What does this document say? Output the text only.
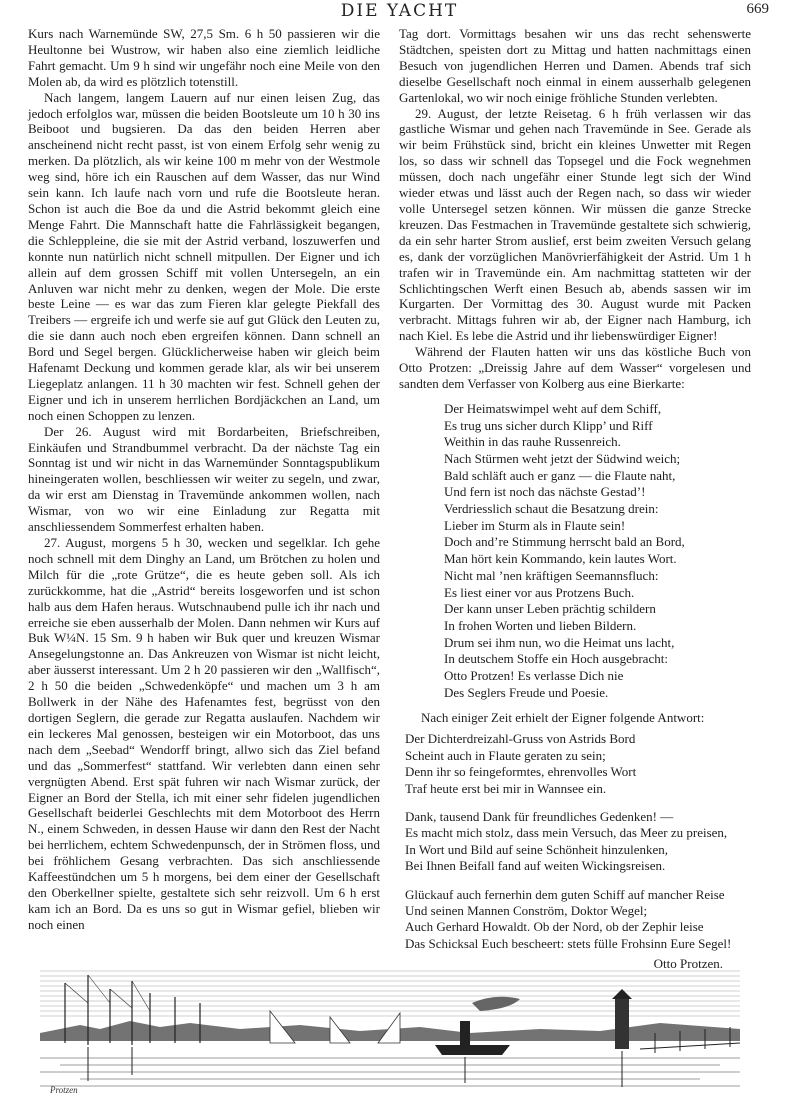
DIE YACHT	669

Kurs nach Warnemünde SW, 27,5 Sm. 6 h 50 passieren wir die Heultonne bei Wustrow, wir haben also eine ziemlich leidliche Fahrt gemacht. Um 9 h sind wir ungefähr noch eine Meile von den Molen ab, da wird es plötzlich totenstill.

Nach langem, langem Lauern auf nur einen leisen Zug, das jedoch erfolglos war, müssen die beiden Bootsleute um 10 h 30 ins Beiboot und bugsieren. Da das den beiden Herren aber anscheinend nicht recht passt, ist von einem Erfolg sehr wenig zu merken. Da plötzlich, als wir keine 100 m mehr von der Westmole weg sind, höre ich ein Rauschen auf dem Wasser, das nur Wind sein kann. Ich laufe nach vorn und rufe die Bootsleute heran. Schon ist auch die Boe da und die Astrid bekommt gleich eine Menge Fahrt. Die Mannschaft hatte die Fahrlässigkeit begangen, die Schleppleine, die sie mit der Astrid verband, loszuwerfen und konnte nun natürlich nicht schnell mitpullen. Der Eigner und ich allein auf dem grossen Schiff mit vollen Untersegeln, an ein Anluven war nicht mehr zu denken, wegen der Mole. Die erste beste Leine — es war das zum Fieren klar gelegte Piekfall des Treibers — ergreife ich und werfe sie auf gut Glück den Leuten zu, die sie dann auch noch eben ergreifen können. Dann schnell an Bord und Segel bergen. Glücklicherweise haben wir gleich beim Hafenamt Deckung und kommen gerade klar, als wir bei unserem Liegeplatz anlangen. 11 h 30 machten wir fest. Schnell gehen der Eigner und ich in unserem herrlichen Bordjäckchen an Land, um noch einen Schoppen zu lenzen.

Der 26. August wird mit Bordarbeiten, Briefschreiben, Einkäufen und Strandbummel verbracht. Da der nächste Tag ein Sonntag ist und wir nicht in das Warnemünder Sonntagspublikum hineingeraten wollen, beschliessen wir weiter zu segeln, und zwar, da wir erst am Dienstag in Travemünde ankommen wollen, nach Wismar, von wo wir eine Einladung zur Regatta mit anschliessendem Sommerfest erhalten haben.

27. August, morgens 5 h 30, wecken und segelklar. Ich gehe noch schnell mit dem Dinghy an Land, um Brötchen zu holen und Milch für die „rote Grütze“, die es heute geben soll. Als ich zurückkomme, hat die „Astrid“ bereits losgeworfen und ist schon halb aus dem Hafen heraus. Wutschnaubend pulle ich ihr nach und erreiche sie eben ausserhalb der Molen. Dann nehmen wir Kurs auf Buk W¼N. 15 Sm. 9 h haben wir Buk quer und kreuzen Wismar Ansegelungstonne an. Das Ankreuzen von Wismar ist nicht leicht, aber äusserst interessant. Um 2 h 20 passieren wir den „Wallfisch“, 2 h 50 die beiden „Schwedenköpfe“ und machen um 3 h am Bollwerk in der Nähe des Hafenamtes fest, begrüsst von den dortigen Seglern, die gerade zur Regatta auslaufen. Nachdem wir ein leckeres Mal genossen, besteigen wir ein Motorboot, das uns nach dem „Seebad“ Wendorff bringt, allwo sich das Ziel befand und das „Sommerfest“ stattfand. Wir verlebten dann einen sehr vergnügten Abend. Erst spät fuhren wir nach Wismar zurück, der Eigner an Bord der Stella, ich mit einer sehr fidelen jugendlichen Gesellschaft beiderlei Geschlechts mit dem Motorboot des Herrn N., einem Schweden, in dessen Hause wir dann den Rest der Nacht bei herrlichem, echtem Schwedenpunsch, der in Strömen floss, und bei fröhlichem Gesang verbrachten. Das sich anschliessende Kaffeestündchen um 5 h morgens, bei dem einer der Gesellschaft den Oberkellner spielte, gestaltete sich sehr reizvoll. Um 6 h erst kam ich an Bord. Da es uns so gut in Wismar gefiel, blieben wir noch einen

Tag dort. Vormittags besahen wir uns das recht sehenswerte Städtchen, speisten dort zu Mittag und hatten nachmittags einen Besuch von jugendlichen Herren und Damen. Abends traf sich dieselbe Gesellschaft noch einmal in einem ausserhalb gelegenen Gartenlokal, wo wir noch einige fröhliche Stunden verlebten.

29. August, der letzte Reisetag. 6 h früh verlassen wir das gastliche Wismar und gehen nach Travemünde in See. Gerade als wir beim Frühstück sind, bricht ein kleines Unwetter mit Regen los, so dass wir schnell das Topsegel und die Fock wegnehmen müssen, doch nach ungefähr einer Stunde legt sich der Wind wieder etwas und lässt auch der Regen nach, so dass wir wieder volle Untersegel setzen können. Wir müssen die ganze Strecke kreuzen. Das Festmachen in Travemünde gestaltete sich schwierig, da ein sehr harter Strom auslief, erst beim zweiten Versuch gelang es, dank der vorzüglichen Manövrierfähigkeit der Astrid. Um 1 h trafen wir in Travemünde ein. Am nachmittag statteten wir der Schlichtingschen Werft einen Besuch ab, abends sassen wir im Kurgarten. Der Vormittag des 30. August wurde mit Packen verbracht. Mittags fuhren wir ab, der Eigner nach Hamburg, ich nach Kiel. Es lebe die Astrid und ihr liebenswürdiger Eigner!

Während der Flauten hatten wir uns das köstliche Buch von Otto Protzen: „Dreissig Jahre auf dem Wasser“ vorgelesen und sandten dem Verfasser von Kolberg aus eine Bierkarte:

Der Heimatswimpel weht auf dem Schiff,
Es trug uns sicher durch Klipp’ und Riff
Weithin in das rauhe Russenreich.
Nach Stürmen weht jetzt der Südwind weich;
Bald schläft auch er ganz — die Flaute naht,
Und fern ist noch das nächste Gestad’!
Verdriesslich schaut die Besatzung drein:
Lieber im Sturm als in Flaute sein!
Doch and’re Stimmung herrscht bald an Bord,
Man hört kein Kommando, kein lautes Wort.
Nicht mal ’nen kräftigen Seemannsfluch:
Es liest einer vor aus Protzens Buch.
Der kann unser Leben prächtig schildern
In frohen Worten und lieben Bildern.
Drum sei ihm nun, wo die Heimat uns lacht,
In deutschem Stoffe ein Hoch ausgebracht:
Otto Protzen! Es verlasse Dich nie
Des Seglers Freude und Poesie.

Nach einiger Zeit erhielt der Eigner folgende Antwort:

Der Dichterdreizahl-Gruss von Astrids Bord
Scheint auch in Flaute geraten zu sein;
Denn ihr so feingeformtes, ehrenvolles Wort
Traf heute erst bei mir in Wannsee ein.
Dank, tausend Dank für freundliches Gedenken! —
Es macht mich stolz, dass mein Versuch, das Meer zu preisen,
In Wort und Bild auf seine Schönheit hinzulenken,
Bei Ihnen Beifall fand auf weiten Wickingsreisen.
Glückauf auch fernerhin dem guten Schiff auf mancher Reise
Und seinen Mannen Conström, Doktor Wegel;
Auch Gerhard Howaldt. Ob der Nord, ob der Zephir leise
Das Schicksal Euch bescheert: stets fülle Frohsinn Eure Segel!
Otto Protzen.
Protzen
